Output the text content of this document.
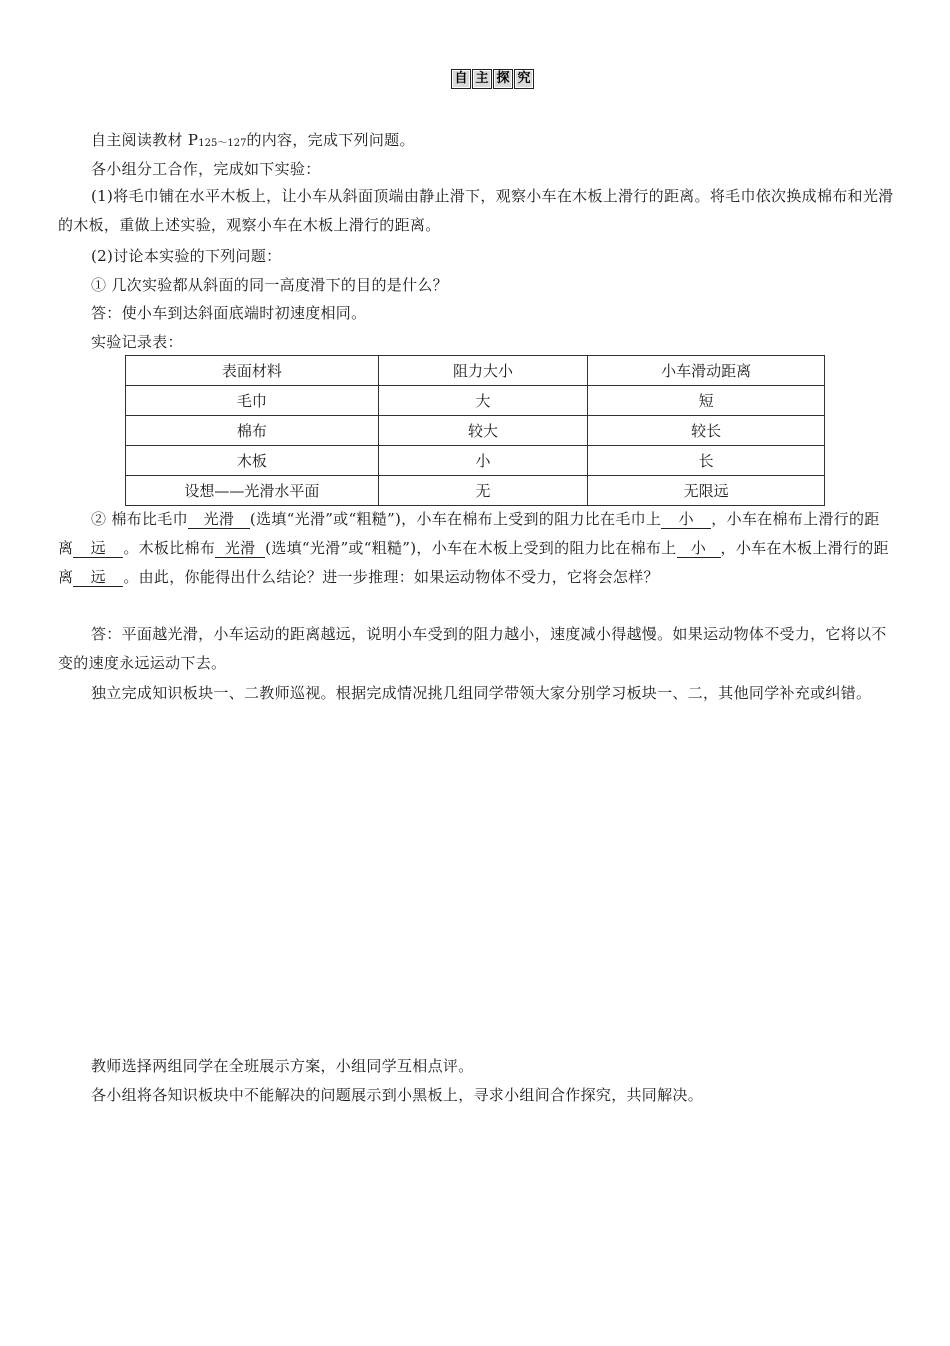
自 主 探 究
自主阅读教材 P125～127的内容，完成下列问题。
各小组分工合作，完成如下实验：
(1)将毛巾铺在水平木板上，让小车从斜面顶端由静止滑下，观察小车在木板上滑行的距离。将毛巾依次换成棉布和光滑的木板，重做上述实验，观察小车在木板上滑行的距离。
(2)讨论本实验的下列问题：
① 几次实验都从斜面的同一高度滑下的目的是什么？
答：使小车到达斜面底端时初速度相同。
实验记录表：
表面材料	阻力大小	小车滑动距离
毛巾	大	短
棉布	较大	较长
木板	小	长
设想——光滑水平面	无	无限远
② 棉布比毛巾 光滑 (选填“光滑”或“粗糙”)，小车在棉布上受到的阻力比在毛巾上 小 ，小车在棉布上滑行的距离 远 。木板比棉布 光滑 (选填“光滑”或“粗糙”)，小车在木板上受到的阻力比在棉布上 小 ，小车在木板上滑行的距离 远 。由此，你能得出什么结论？进一步推理：如果运动物体不受力，它将会怎样？
答：平面越光滑，小车运动的距离越远，说明小车受到的阻力越小，速度减小得越慢。如果运动物体不受力，它将以不变的速度永远运动下去。
独立完成知识板块一、二教师巡视。根据完成情况挑几组同学带领大家分别学习板块一、二，其他同学补充或纠错。
教师选择两组同学在全班展示方案，小组同学互相点评。
各小组将各知识板块中不能解决的问题展示到小黑板上，寻求小组间合作探究，共同解决。
